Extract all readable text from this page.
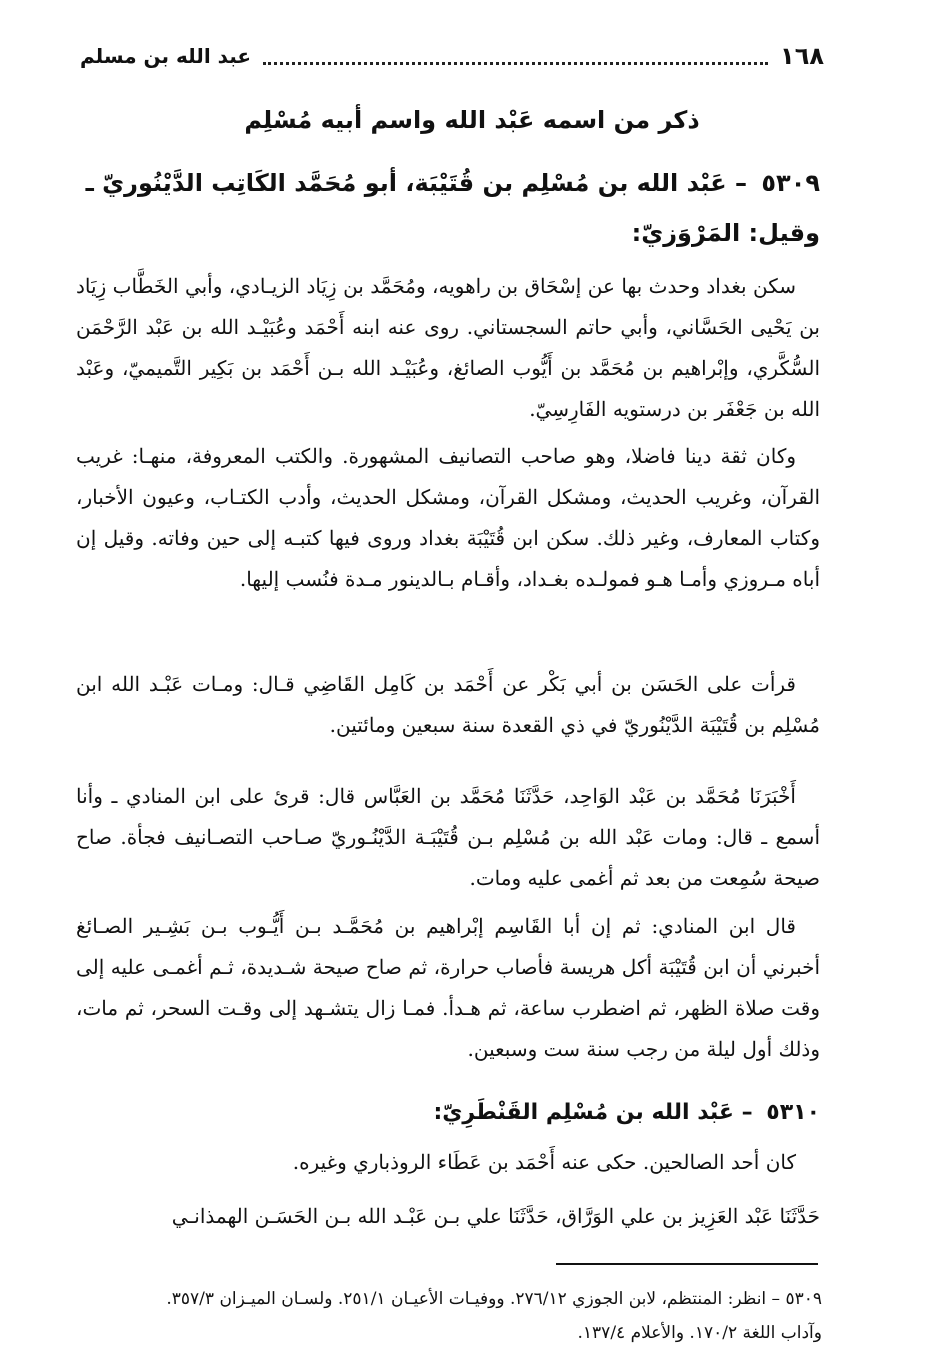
١٦٨
عبد الله بن مسلم
ذكر من اسمه عَبْد الله واسم أبيه مُسْلِم
٥٣٠٩ – عَبْد الله بن مُسْلِم بن قُتَيْبَة، أبو مُحَمَّد الكَاتِب الدَّيْنُوريّ ـ وقيل: المَرْوَزيّ:
سكن بغداد وحدث بها عن إسْحَاق بن راهويه، ومُحَمَّد بن زِيَاد الزيـادي، وأبي الخَطَّاب زِيَاد بن يَحْيى الحَسَّاني، وأبي حاتم السجستاني. روى عنه ابنه أَحْمَد وعُبَيْـد الله بن عَبْد الرَّحْمَن السُّكَّري، وإبْراهيم بن مُحَمَّد بن أَيُّوب الصائغ، وعُبَيْـد الله بـن أَحْمَد بن بَكِير التَّميميّ، وعَبْد الله بن جَعْفَر بن درستويه الفَارِسِيّ.
وكان ثقة دينا فاضلا، وهو صاحب التصانيف المشهورة. والكتب المعروفة، منهـا: غريب القرآن، وغريب الحديث، ومشكل القرآن، ومشكل الحديث، وأدب الكتـاب، وعيون الأخبار، وكتاب المعارف، وغير ذلك. سكن ابن قُتَيْبَة بغداد وروى فيها كتبـه إلى حين وفاته. وقيل إن أباه مـروزي وأمـا هـو فمولـده بغـداد، وأقـام بـالدينور مـدة فنُسب إليها.
قرأت على الحَسَن بن أبي بَكْر عن أَحْمَد بن كَامِل القَاضِي قـال: ومـات عَبْـد الله ابن مُسْلِم بن قُتَيْبَة الدَّيْنُوريّ في ذي القعدة سنة سبعين ومائتين.
أَخْبَرَنَا مُحَمَّد بن عَبْد الوَاحِد، حَدَّثَنَا مُحَمَّد بن العَبَّاس قال: قرئ على ابن المنادي ـ وأنا أسمع ـ قال: ومات عَبْد الله بن مُسْلِم بـن قُتَيْبَـة الدَّيْنُـوريّ صـاحب التصـانيف فجأة. صاح صيحة سُمِعت من بعد ثم أغمى عليه ومات.
قال ابن المنادي: ثم إن أبا القَاسِم إبْراهيم بن مُحَمَّـد بـن أَيُّـوب بـن بَشِـير الصـائغ أخبرني أن ابن قُتَيْبَة أكل هريسة فأصاب حرارة، ثم صاح صيحة شـديدة، ثـم أغمـى عليه إلى وقت صلاة الظهر، ثم اضطرب ساعة، ثم هـدأ. فمـا زال يتشـهد إلى وقـت السحر، ثم مات، وذلك أول ليلة من رجب سنة ست وسبعين.
٥٣١٠ – عَبْد الله بن مُسْلِم القَنْطَرِيّ:
كان أحد الصالحين. حكى عنه أَحْمَد بن عَطَاء الروذباري وغيره.
حَدَّثَنَا عَبْد العَزِيز بن علي الوَرَّاق، حَدَّثَنَا علي بـن عَبْـد الله بـن الحَسَـن الهمذانـي
٥٣٠٩ – انظر: المنتظم، لابن الجوزي ٢٧٦/١٢. ووفيـات الأعيـان ٢٥١/١. ولسـان الميـزان ٣٥٧/٣.
وآداب اللغة ١٧٠/٢. والأعلام ١٣٧/٤.
